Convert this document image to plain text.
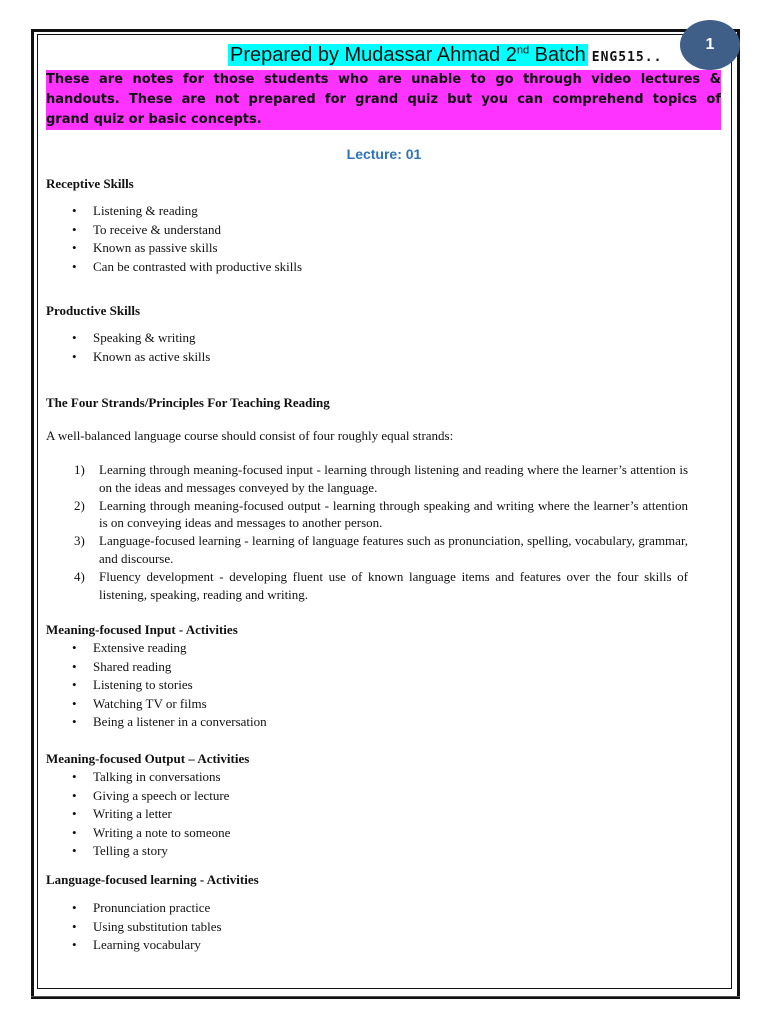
1
Prepared by Mudassar Ahmad 2nd Batch ENG515..
These are notes for those students who are unable to go through video lectures &
handouts. These are not prepared for grand quiz but you can comprehend topics of
grand quiz or basic concepts.
Lecture: 01
Receptive Skills
• Listening & reading
• To receive & understand
• Known as passive skills
• Can be contrasted with productive skills
Productive Skills
• Speaking & writing
• Known as active skills
The Four Strands/Principles For Teaching Reading
A well-balanced language course should consist of four roughly equal strands:
1) Learning through meaning-focused input - learning through listening and reading where the learner’s attention is on the ideas and messages conveyed by the language.
2) Learning through meaning-focused output - learning through speaking and writing where the learner’s attention is on conveying ideas and messages to another person.
3) Language-focused learning - learning of language features such as pronunciation, spelling, vocabulary, grammar, and discourse.
4) Fluency development - developing fluent use of known language items and features over the four skills of listening, speaking, reading and writing.
Meaning-focused Input - Activities
• Extensive reading
• Shared reading
• Listening to stories
• Watching TV or films
• Being a listener in a conversation
Meaning-focused Output – Activities
• Talking in conversations
• Giving a speech or lecture
• Writing a letter
• Writing a note to someone
• Telling a story
Language-focused learning - Activities
• Pronunciation practice
• Using substitution tables
• Learning vocabulary
